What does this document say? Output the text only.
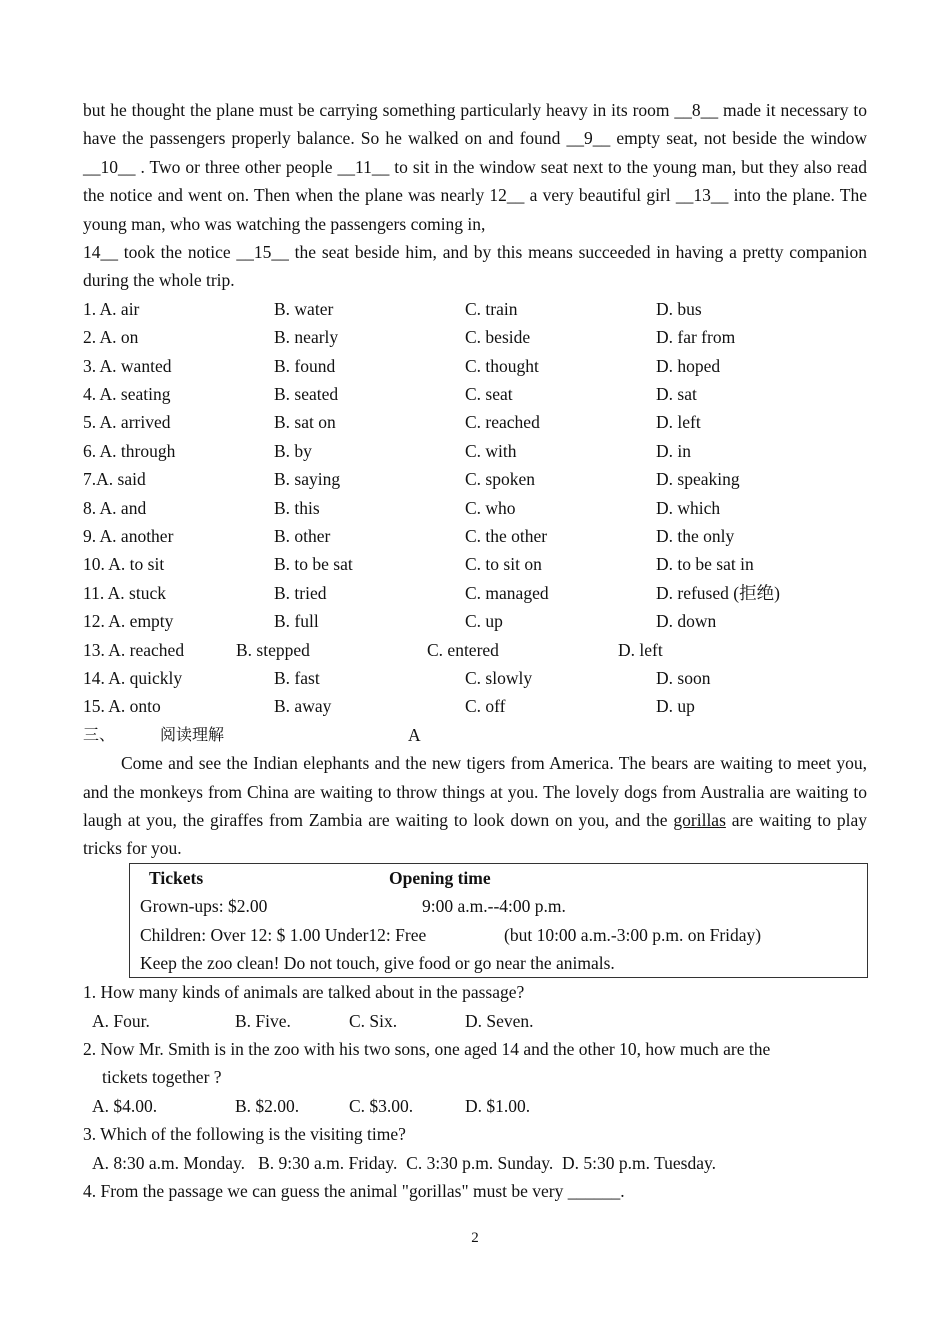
but he thought the plane must be carrying something particularly heavy in its room __8__ made it necessary to have the passengers properly balance. So he walked on and found __9__ empty seat, not beside the window __10__ . Two or three other people __11__ to sit in the window seat next to the young man, but they also read the notice and went on. Then when the plane was nearly 12__ a very beautiful girl __13__ into the plane. The young man, who was watching the passengers coming in,
14__ took the notice __15__ the seat beside him, and by this means succeeded in having a pretty companion during the whole trip.

1. A. air	B. water	C. train	D. bus
2. A. on	B. nearly	C. beside	D. far from
3. A. wanted	B. found	C. thought	D. hoped
4. A. seating	B. seated	C. seat	D. sat
5. A. arrived	B. sat on	C. reached	D. left
6. A. through	B. by	C. with	D. in
7.A. said	B. saying	C. spoken	D. speaking
8. A. and	B. this	C. who	D. which
9. A. another	B. other	C. the other	D. the only
10. A. to sit	B. to be sat	C. to sit on	D. to be sat in
11. A. stuck	B. tried	C. managed	D. refused (拒绝)
12. A. empty	B. full	C. up	D. down
13. A. reached	B. stepped	C. entered	D. left
14. A. quickly	B. fast	C. slowly	D. soon
15. A. onto	B. away	C. off	D. up
三、	阅读理解	A

Come and see the Indian elephants and the new tigers from America. The bears are waiting to meet you, and the monkeys from China are waiting to throw things at you. The lovely dogs from Australia are waiting to laugh at you, the giraffes from Zambia are waiting to look down on you, and the gorillas are waiting to play tricks for you.

Tickets	Opening time
Grown-ups: $2.00	9:00 a.m.--4:00 p.m.
Children: Over 12: $ 1.00 Under12: Free	(but 10:00 a.m.-3:00 p.m. on Friday)
Keep the zoo clean! Do not touch, give food or go near the animals.

1. How many kinds of animals are talked about in the passage?

A. Four.	B. Five.	C. Six.	D. Seven.

2. Now Mr. Smith is in the zoo with his two sons, one aged 14 and the other 10, how much are the

tickets together ?
A. $4.00.	B. $2.00.	C. $3.00.	D. $1.00.

3. Which of the following is the visiting time?

A. 8:30 a.m. Monday.   B. 9:30 a.m. Friday.  C. 3:30 p.m. Sunday.  D. 5:30 p.m. Tuesday.

4. From the passage we can guess the animal "gorillas" must be very ______.

2
